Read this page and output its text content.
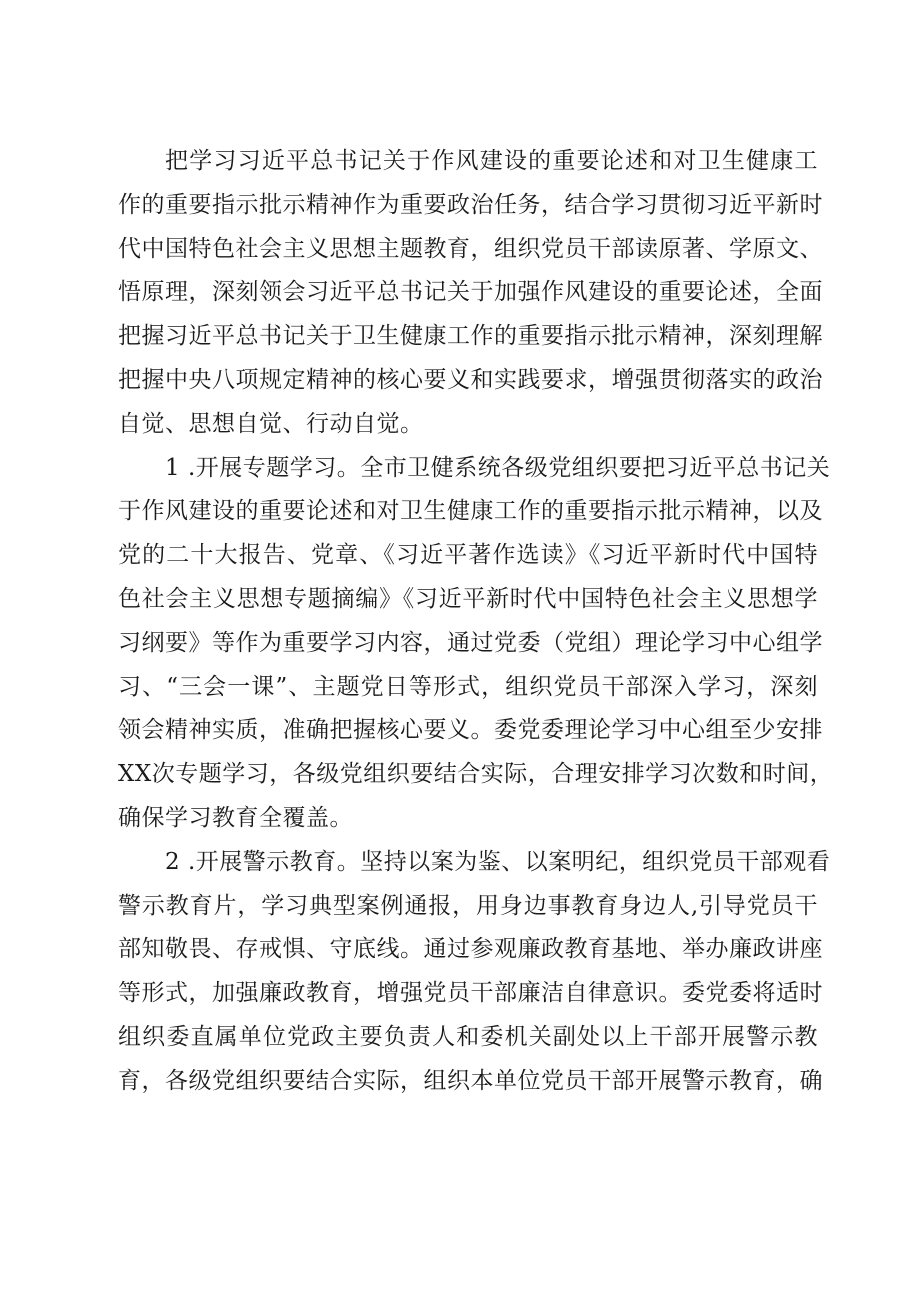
把学习习近平总书记关于作风建设的重要论述和对卫生健康工
作的重要指示批示精神作为重要政治任务，结合学习贯彻习近平新时
代中国特色社会主义思想主题教育，组织党员干部读原著、学原文、
悟原理，深刻领会习近平总书记关于加强作风建设的重要论述，全面
把握习近平总书记关于卫生健康工作的重要指示批示精神，深刻理解
把握中央八项规定精神的核心要义和实践要求，增强贯彻落实的政治
自觉、思想自觉、行动自觉。
1 .开展专题学习。全市卫健系统各级党组织要把习近平总书记关
于作风建设的重要论述和对卫生健康工作的重要指示批示精神，以及
党的二十大报告、党章、《习近平著作选读》《习近平新时代中国特
色社会主义思想专题摘编》《习近平新时代中国特色社会主义思想学
习纲要》等作为重要学习内容，通过党委（党组）理论学习中心组学
习、“三会一课”、主题党日等形式，组织党员干部深入学习，深刻
领会精神实质，准确把握核心要义。委党委理论学习中心组至少安排
XX次专题学习，各级党组织要结合实际，合理安排学习次数和时间，
确保学习教育全覆盖。
2 .开展警示教育。坚持以案为鉴、以案明纪，组织党员干部观看
警示教育片，学习典型案例通报，用身边事教育身边人,引导党员干
部知敬畏、存戒惧、守底线。通过参观廉政教育基地、举办廉政讲座
等形式，加强廉政教育，增强党员干部廉洁自律意识。委党委将适时
组织委直属单位党政主要负责人和委机关副处以上干部开展警示教
育，各级党组织要结合实际，组织本单位党员干部开展警示教育，确
